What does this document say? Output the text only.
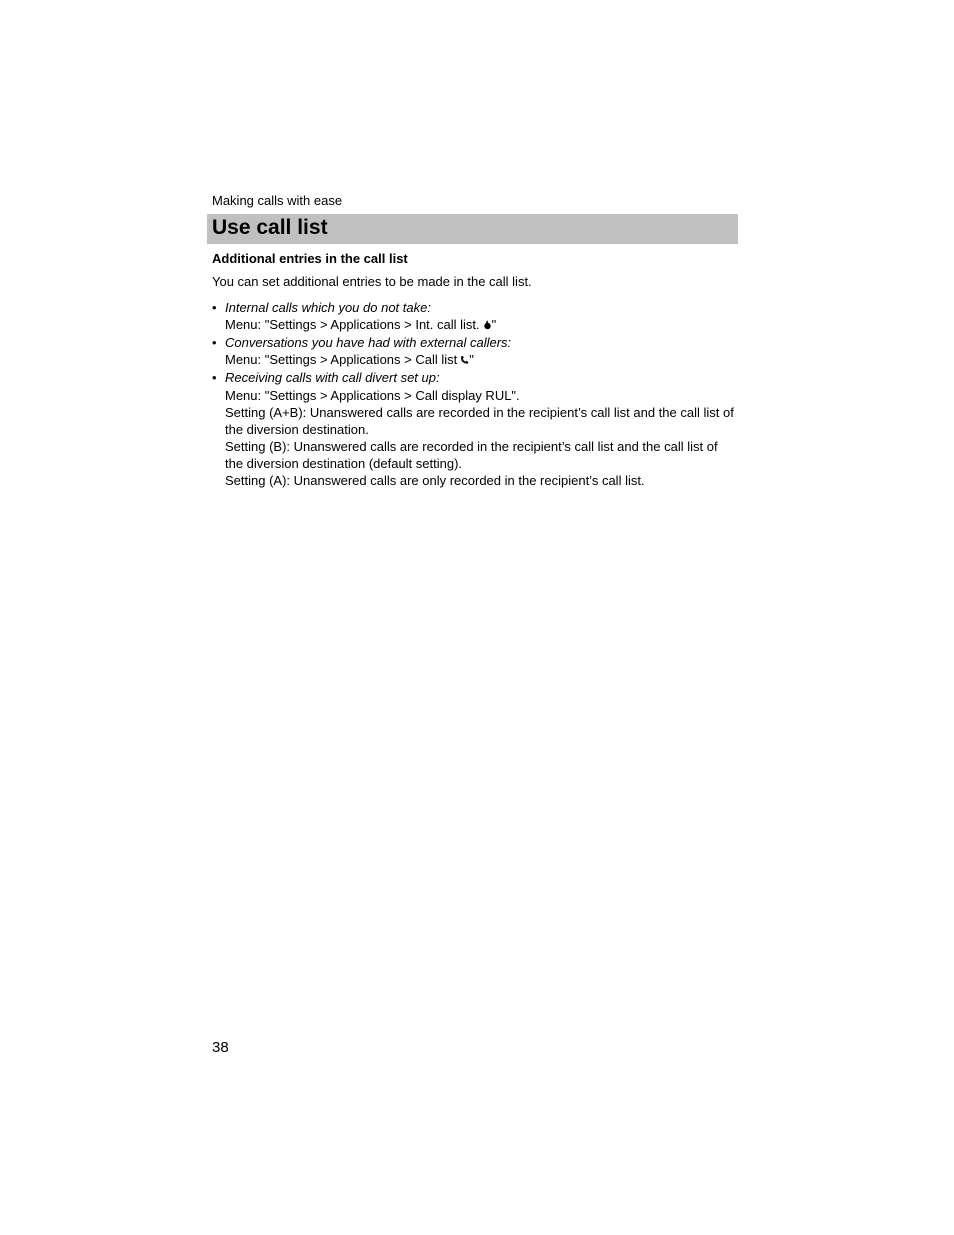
Making calls with ease
Use call list
Additional entries in the call list
You can set additional entries to be made in the call list.
• Internal calls which you do not take:
Menu: "Settings > Applications > Int. call list. "
• Conversations you have had with external callers:
Menu: "Settings > Applications > Call list "
• Receiving calls with call divert set up:
Menu: "Settings > Applications > Call display RUL".
Setting (A+B): Unanswered calls are recorded in the recipient’s call list and the call list of the diversion destination.
Setting (B): Unanswered calls are recorded in the recipient’s call list and the call list of the diversion destination (default setting).
Setting (A): Unanswered calls are only recorded in the recipient’s call list.
38
